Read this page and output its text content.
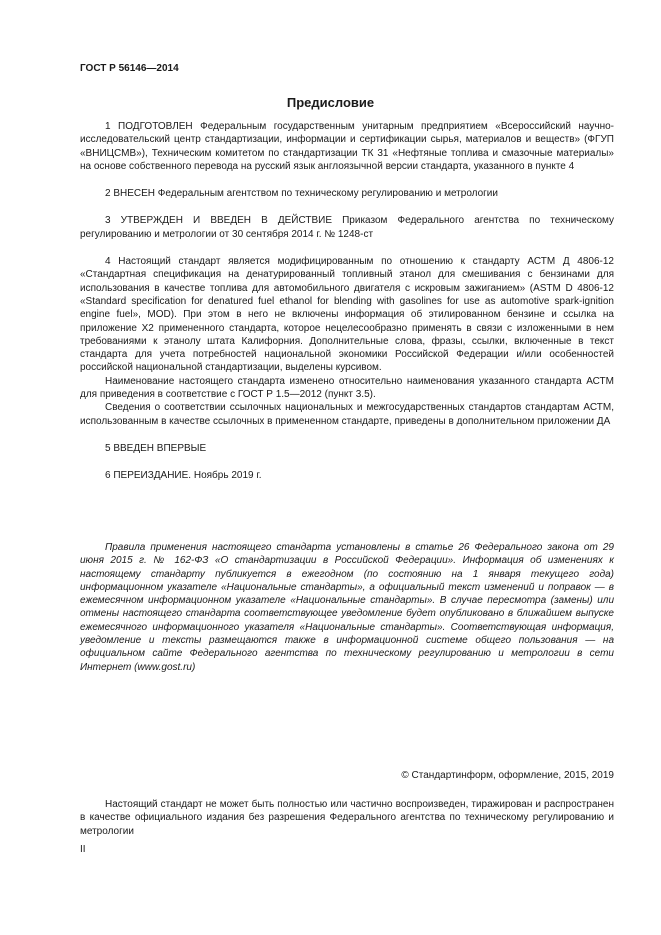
ГОСТ Р 56146—2014
Предисловие

1 ПОДГОТОВЛЕН Федеральным государственным унитарным предприятием «Всероссийский научно-исследовательский центр стандартизации, информации и сертификации сырья, материалов и веществ» (ФГУП «ВНИЦСМВ»), Техническим комитетом по стандартизации ТК 31 «Нефтяные топлива и смазочные материалы» на основе собственного перевода на русский язык англоязычной версии стандарта, указанного в пункте 4

2 ВНЕСЕН Федеральным агентством по техническому регулированию и метрологии

3 УТВЕРЖДЕН И ВВЕДЕН В ДЕЙСТВИЕ Приказом Федерального агентства по техническому регулированию и метрологии от 30 сентября 2014 г. № 1248-ст

4 Настоящий стандарт является модифицированным по отношению к стандарту АСТМ Д 4806-12 «Стандартная спецификация на денатурированный топливный этанол для смешивания с бензинами для использования в качестве топлива для автомобильного двигателя с искровым зажиганием» (ASTM D 4806-12 «Standard specification for denatured fuel ethanol for blending with gasolines for use as automotive spark-ignition engine fuel», MOD). При этом в него не включены информация об этилированном бензине и ссылка на приложение Х2 примененного стандарта, которое нецелесообразно применять в связи с изложенными в нем требованиями к этанолу штата Калифорния. Дополнительные слова, фразы, ссылки, включенные в текст стандарта для учета потребностей национальной экономики Российской Федерации и/или особенностей российской национальной стандартизации, выделены курсивом.

Наименование настоящего стандарта изменено относительно наименования указанного стандарта АСТМ для приведения в соответствие с ГОСТ Р 1.5—2012 (пункт 3.5).

Сведения о соответствии ссылочных национальных и межгосударственных стандартов стандартам АСТМ, использованным в качестве ссылочных в примененном стандарте, приведены в дополнительном приложении ДА

5 ВВЕДЕН ВПЕРВЫЕ

6 ПЕРЕИЗДАНИЕ. Ноябрь 2019 г.

Правила применения настоящего стандарта установлены в статье 26 Федерального закона от 29 июня 2015 г. № 162-ФЗ «О стандартизации в Российской Федерации». Информация об изменениях к настоящему стандарту публикуется в ежегодном (по состоянию на 1 января текущего года) информационном указателе «Национальные стандарты», а официальный текст изменений и поправок — в ежемесячном информационном указателе «Национальные стандарты». В случае пересмотра (замены) или отмены настоящего стандарта соответствующее уведомление будет опубликовано в ближайшем выпуске ежемесячного информационного указателя «Национальные стандарты». Соответствующая информация, уведомление и тексты размещаются также в информационной системе общего пользования — на официальном сайте Федерального агентства по техническому регулированию и метрологии в сети Интернет (www.gost.ru)

© Стандартинформ, оформление, 2015, 2019

Настоящий стандарт не может быть полностью или частично воспроизведен, тиражирован и распространен в качестве официального издания без разрешения Федерального агентства по техническому регулированию и метрологии

II
